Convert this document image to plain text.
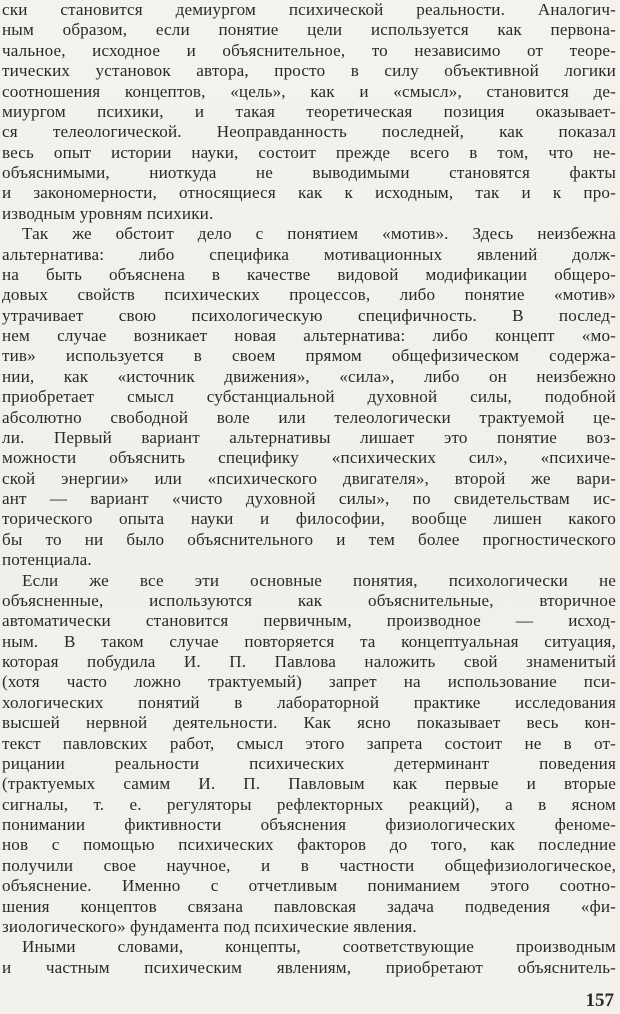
ски становится демиургом психической реальности. Аналогич-
ным образом, если понятие цели используется как первона-
чальное, исходное и объяснительное, то независимо от теоре-
тических установок автора, просто в силу объективной логики
соотношения концептов, «цель», как и «смысл», становится де-
миургом психики, и такая теоретическая позиция оказывает-
ся телеологической. Неоправданность последней, как показал
весь опыт истории науки, состоит прежде всего в том, что не-
объяснимыми, ниоткуда не выводимыми становятся факты
и закономерности, относящиеся как к исходным, так и к про-
изводным уровням психики.
Так же обстоит дело с понятием «мотив». Здесь неизбежна
альтернатива: либо специфика мотивационных явлений долж-
на быть объяснена в качестве видовой модификации общеро-
довых свойств психических процессов, либо понятие «мотив»
утрачивает свою психологическую специфичность. В послед-
нем случае возникает новая альтернатива: либо концепт «мо-
тив» используется в своем прямом общефизическом содержа-
нии, как «источник движения», «сила», либо он неизбежно
приобретает смысл субстанциальной духовной силы, подобной
абсолютно свободной воле или телеологически трактуемой це-
ли. Первый вариант альтернативы лишает это понятие воз-
можности объяснить специфику «психических сил», «психиче-
ской энергии» или «психического двигателя», второй же вари-
ант — вариант «чисто духовной силы», по свидетельствам ис-
торического опыта науки и философии, вообще лишен какого
бы то ни было объяснительного и тем более прогностического
потенциала.
Если же все эти основные понятия, психологически не
объясненные, используются как объяснительные, вторичное
автоматически становится первичным, производное — исход-
ным. В таком случае повторяется та концептуальная ситуация,
которая побудила И. П. Павлова наложить свой знаменитый
(хотя часто ложно трактуемый) запрет на использование пси-
хологических понятий в лабораторной практике исследования
высшей нервной деятельности. Как ясно показывает весь кон-
текст павловских работ, смысл этого запрета состоит не в от-
рицании реальности психических детерминант поведения
(трактуемых самим И. П. Павловым как первые и вторые
сигналы, т. е. регуляторы рефлекторных реакций), а в ясном
понимании фиктивности объяснения физиологических феноме-
нов с помощью психических факторов до того, как последние
получили свое научное, и в частности общефизиологическое,
объяснение. Именно с отчетливым пониманием этого соотно-
шения концептов связана павловская задача подведения «фи-
зиологического» фундамента под психические явления.
Иными словами, концепты, соответствующие производным
и частным психическим явлениям, приобретают объяснитель-
157
